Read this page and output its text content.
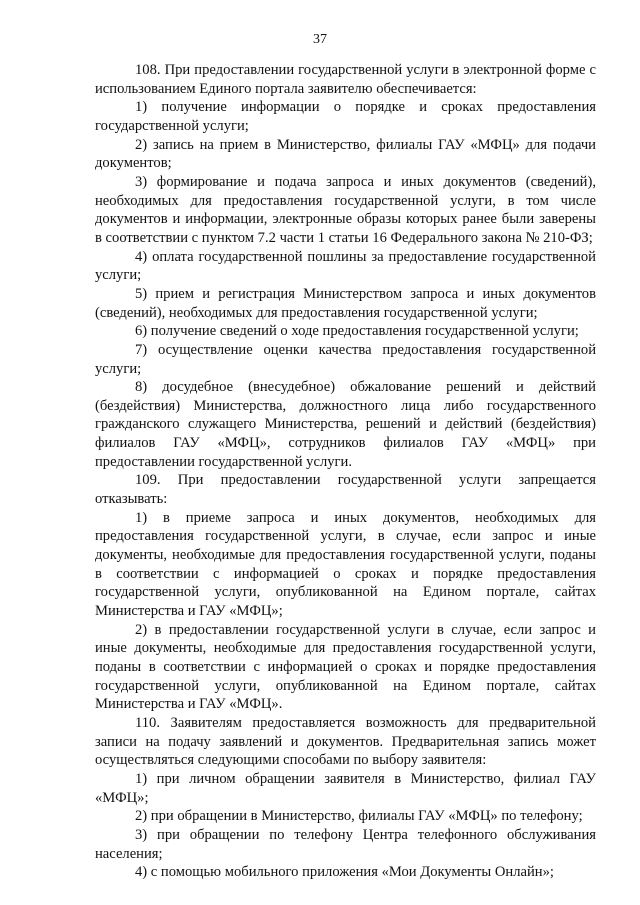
37

108. При предоставлении государственной услуги в электронной форме с использованием Единого портала заявителю обеспечивается:

1) получение информации о порядке и сроках предоставления государственной услуги;

2) запись на прием в Министерство, филиалы ГАУ «МФЦ» для подачи документов;

3) формирование и подача запроса и иных документов (сведений), необходимых для предоставления государственной услуги, в том числе документов и информации, электронные образы которых ранее были заверены в соответствии с пунктом 7.2 части 1 статьи 16 Федерального закона № 210-ФЗ;

4) оплата государственной пошлины за предоставление государственной услуги;

5) прием и регистрация Министерством запроса и иных документов (сведений), необходимых для предоставления государственной услуги;

6) получение сведений о ходе предоставления государственной услуги;

7) осуществление оценки качества предоставления государственной услуги;

8) досудебное (внесудебное) обжалование решений и действий (бездействия) Министерства, должностного лица либо государственного гражданского служащего Министерства, решений и действий (бездействия) филиалов ГАУ «МФЦ», сотрудников филиалов ГАУ «МФЦ» при предоставлении государственной услуги.

109. При предоставлении государственной услуги запрещается отказывать:

1) в приеме запроса и иных документов, необходимых для предоставления государственной услуги, в случае, если запрос и иные документы, необходимые для предоставления государственной услуги, поданы в соответствии с информацией о сроках и порядке предоставления государственной услуги, опубликованной на Едином портале, сайтах Министерства и ГАУ «МФЦ»;

2) в предоставлении государственной услуги в случае, если запрос и иные документы, необходимые для предоставления государственной услуги, поданы в соответствии с информацией о сроках и порядке предоставления государственной услуги, опубликованной на Едином портале, сайтах Министерства и ГАУ «МФЦ».

110. Заявителям предоставляется возможность для предварительной записи на подачу заявлений и документов. Предварительная запись может осуществляться следующими способами по выбору заявителя:

1) при личном обращении заявителя в Министерство, филиал ГАУ «МФЦ»;

2) при обращении в Министерство, филиалы ГАУ «МФЦ» по телефону;

3) при обращении по телефону Центра телефонного обслуживания населения;

4) с помощью мобильного приложения «Мои Документы Онлайн»;
